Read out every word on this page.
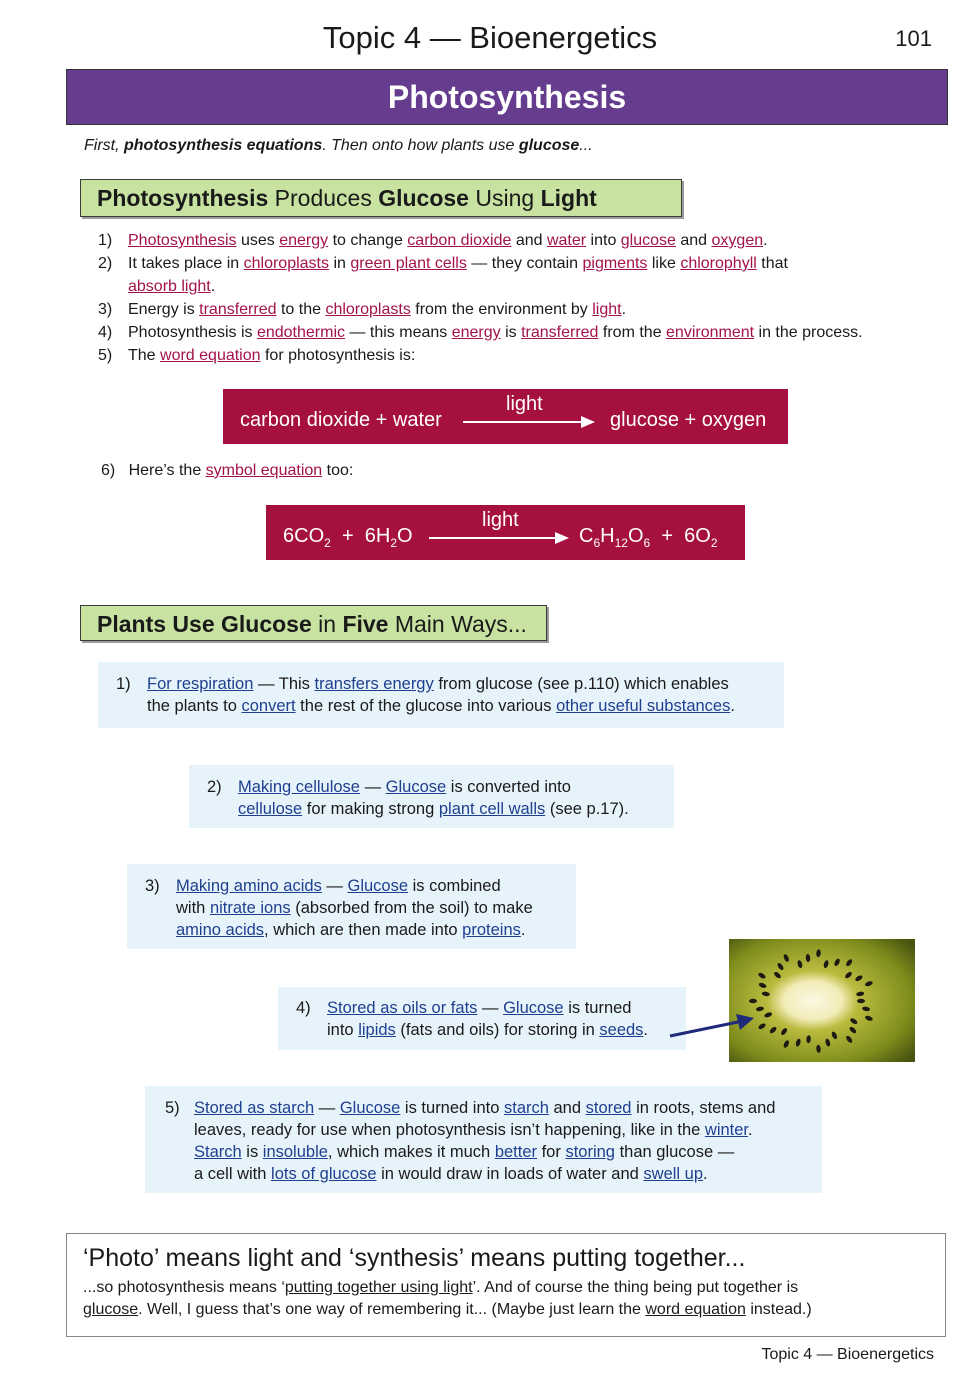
Topic 4 — Bioenergetics	101
Photosynthesis
First, photosynthesis equations. Then onto how plants use glucose...
Photosynthesis Produces Glucose Using Light
1) Photosynthesis uses energy to change carbon dioxide and water into glucose and oxygen.
2) It takes place in chloroplasts in green plant cells — they contain pigments like chlorophyll that
absorb light.
3) Energy is transferred to the chloroplasts from the environment by light.
4) Photosynthesis is endothermic — this means energy is transferred from the environment in the process.
5) The word equation for photosynthesis is:
carbon dioxide + water
light
glucose + oxygen
6) Here’s the symbol equation too:
$6CO_2 + 6H_2O$
light
$C_6H_{12}O_6 + 6O_2$
Plants Use Glucose in Five Main Ways...
1) For respiration — This transfers energy from glucose (see p.110) which enables
the plants to convert the rest of the glucose into various other useful substances.
2) Making cellulose — Glucose is converted into
cellulose for making strong plant cell walls (see p.17).
3) Making amino acids — Glucose is combined
with nitrate ions (absorbed from the soil) to make
amino acids, which are then made into proteins.
4) Stored as oils or fats — Glucose is turned
into lipids (fats and oils) for storing in seeds.
5) Stored as starch — Glucose is turned into starch and stored in roots, stems and
leaves, ready for use when photosynthesis isn’t happening, like in the winter.
Starch is insoluble, which makes it much better for storing than glucose —
a cell with lots of glucose in would draw in loads of water and swell up.
‘Photo’ means light and ‘synthesis’ means putting together...
...so photosynthesis means ‘putting together using light’. And of course the thing being put together is
glucose. Well, I guess that’s one way of remembering it... (Maybe just learn the word equation instead.)
Topic 4 — Bioenergetics
